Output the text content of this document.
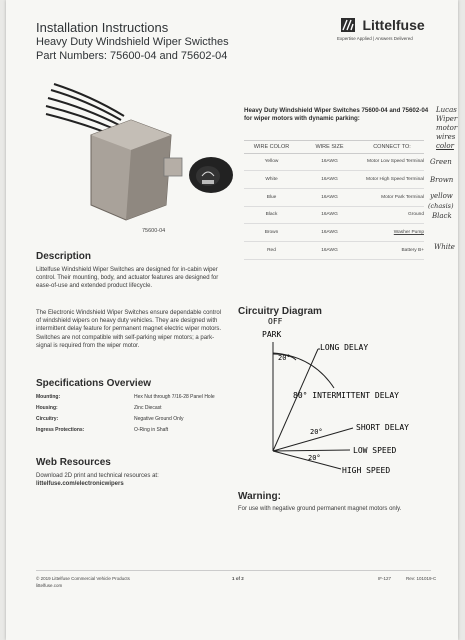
Installation Instructions
Heavy Duty Windshield Wiper Swicthes
Part Numbers: 75600-04 and 75602-04
Littelfuse
Expertise Applied | Answers Delivered
75600-04
Description
Littelfuse Windshield Wiper Switches are designed for in-cabin wiper control. Their mounting, body, and actuator features are designed for ease-of-use and extended product lifecycle.
The Electronic Windshield Wiper Switches ensure dependable control of windshield wipers on heavy duty vehicles. They are designed with intermittent delay feature for permanent magnet electric wiper motors. Switches are not compatible with self-parking wiper motors; a park-signal is required from the wiper motor.
Specifications Overview
Mounting:	Hex Nut through 7/16-28 Panel Hole
Housing:	Zinc Diecast
Circuitry:	Negative Ground Only
Ingress Protections:	O-Ring in Shaft
Web Resources
Download 2D print and technical resources at:
littelfuse.com/electronicwipers
Heavy Duty Windshield Wiper Switches 75600-04 and 75602-04 for wiper motors with dynamic parking:
Lucas
Wiper
motor
wires
color
WIRE COLOR	WIRE SIZE	CONNECT TO:
Yellow	16AWG	Motor Low Speed Terminal
White	16AWG	Motor High Speed Terminal
Blue	16AWG	Motor Park Terminal
Black	16AWG	Ground
Brown	16AWG	Washer Pump
Red	16AWG	Battery B+
Green
Brown
yellow
(chasis)
Black
White
Circuitry Diagram
OFF
PARK
LONG DELAY
20°
80° INTERMITTENT DELAY
20°
20°	SHORT DELAY
LOW SPEED
HIGH SPEED
Warning:
For use with negative ground permanent magnet motors only.
© 2019 Littelfuse Commercial Vehicle Products
littelfuse.com
1 of 2	IF-127	Rev: 101019-C
